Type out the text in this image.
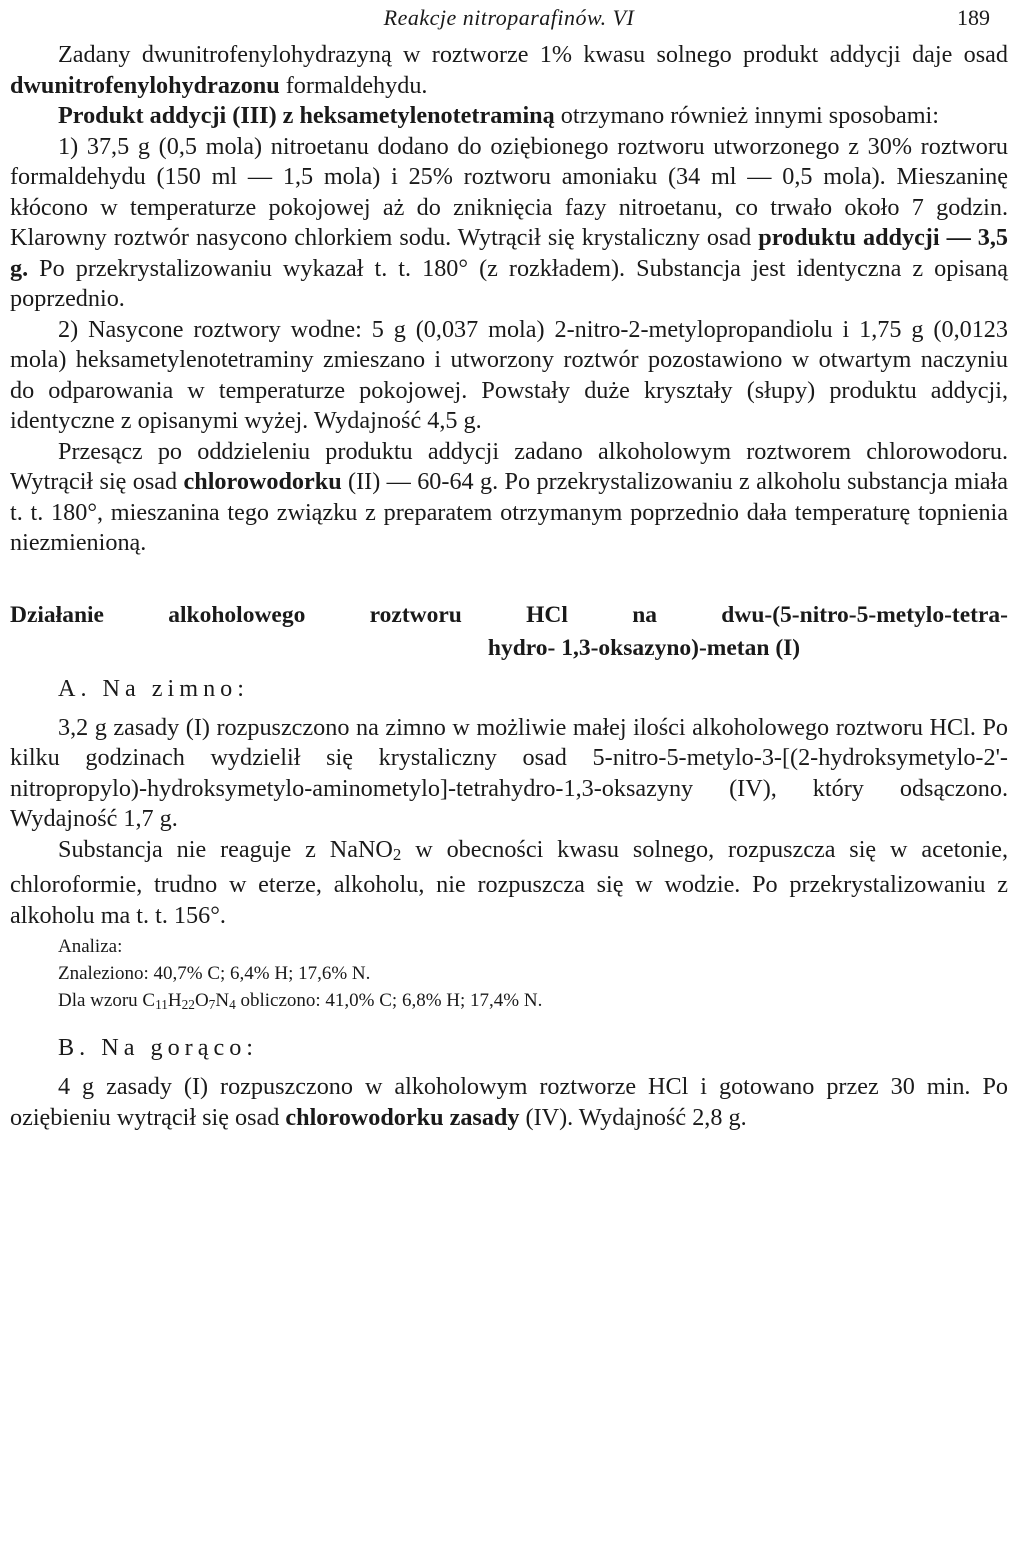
Reakcje nitroparafinów. VI	189

Zadany dwunitrofenylohydrazyną w roztworze 1% kwasu solnego produkt addycji daje osad dwunitrofenylohydrazonu formaldehydu.

Produkt addycji (III) z heksametylenotetraminą otrzymano również innymi sposobami:

1) 37,5 g (0,5 mola) nitroetanu dodano do oziębionego roztworu utworzonego z 30% roztworu formaldehydu (150 ml — 1,5 mola) i 25% roztworu amoniaku (34 ml — 0,5 mola). Mieszaninę kłócono w temperaturze pokojowej aż do zniknięcia fazy nitroetanu, co trwało około 7 godzin. Klarowny roztwór nasycono chlorkiem sodu. Wytrącił się krystaliczny osad produktu addycji — 3,5 g. Po przekrystalizowaniu wykazał t. t. 180° (z rozkładem). Substancja jest identyczna z opisaną poprzednio.

2) Nasycone roztwory wodne: 5 g (0,037 mola) 2-nitro-2-metylopropandiolu i 1,75 g (0,0123 mola) heksametylenotetraminy zmieszano i utworzony roztwór pozostawiono w otwartym naczyniu do odparowania w temperaturze pokojowej. Powstały duże kryształy (słupy) produktu addycji, identyczne z opisanymi wyżej. Wydajność 4,5 g.

Przesącz po oddzieleniu produktu addycji zadano alkoholowym roztworem chlorowodoru. Wytrącił się osad chlorowodorku (II) — 60-64 g. Po przekrystalizowaniu z alkoholu substancja miała t. t. 180°, mieszanina tego związku z preparatem otrzymanym poprzednio dała temperaturę topnienia niezmienioną.

Działanie alkoholowego roztworu HCl na dwu-(5-nitro-5-metylo-tetra-
hydro- 1,3-oksazyno)-metan (I)

A. Na zimno:

3,2 g zasady (I) rozpuszczono na zimno w możliwie małej ilości alkoholowego roztworu HCl. Po kilku godzinach wydzielił się krystaliczny osad 5-nitro-5-metylo-3-[(2-hydroksymetylo-2'-nitropropylo)-hydroksymetylo-aminometylo]-tetrahydro-1,3-oksazyny (IV), który odsączono. Wydajność 1,7 g.

Substancja nie reaguje z NaNO2 w obecności kwasu solnego, rozpuszcza się w acetonie, chloroformie, trudno w eterze, alkoholu, nie rozpuszcza się w wodzie. Po przekrystalizowaniu z alkoholu ma t. t. 156°.

Analiza:

Znaleziono: 40,7% C; 6,4% H; 17,6% N.

Dla wzoru $C_{11}H_{22}O_7N_4$ obliczono: 41,0% C; 6,8% H; 17,4% N.

B. Na gorąco:

4 g zasady (I) rozpuszczono w alkoholowym roztworze HCl i gotowano przez 30 min. Po oziębieniu wytrącił się osad chlorowodorku zasady (IV). Wydajność 2,8 g.
